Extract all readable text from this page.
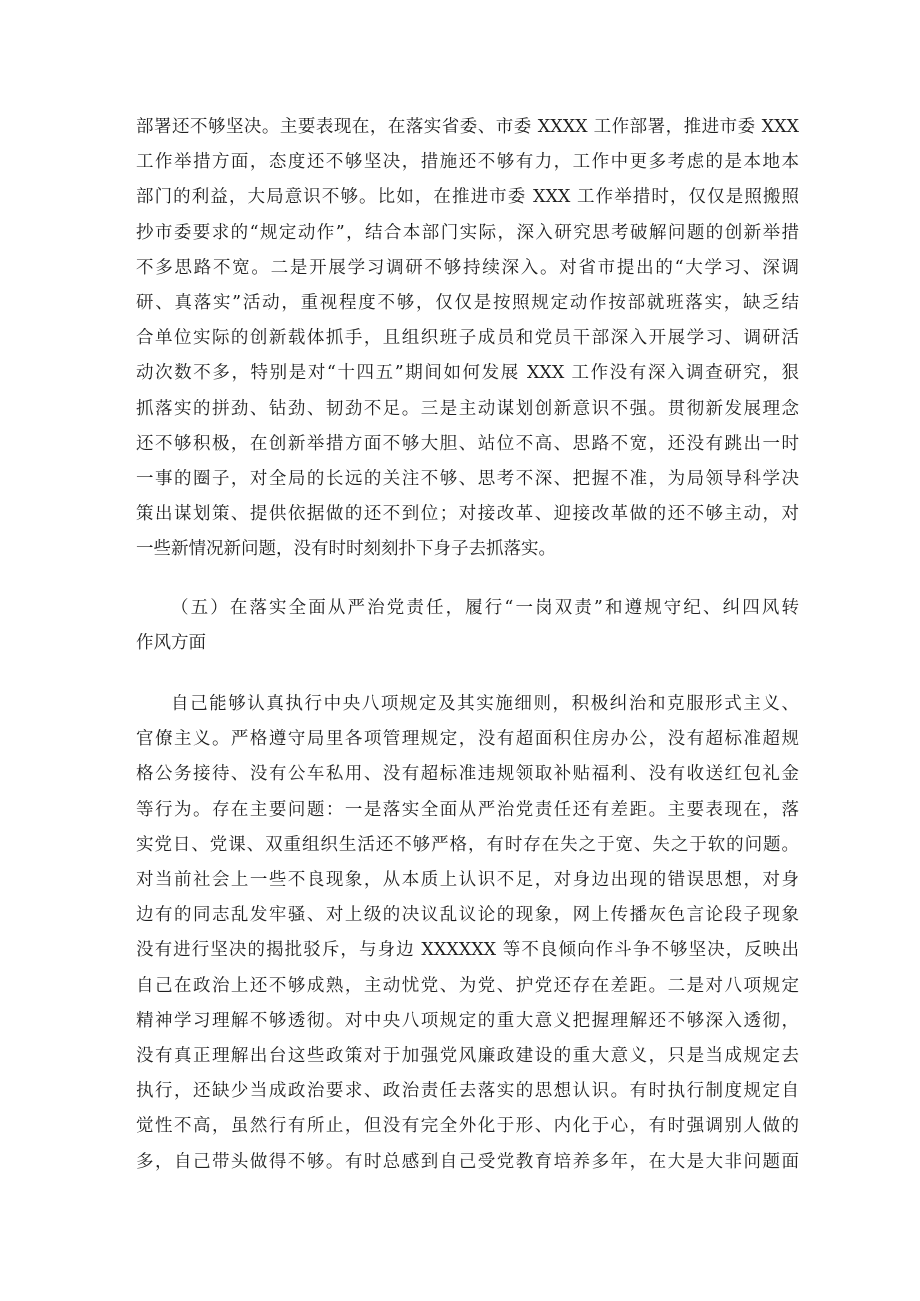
部署还不够坚决。主要表现在，在落实省委、市委 XXXX 工作部署，推进市委 XXX
工作举措方面，态度还不够坚决，措施还不够有力，工作中更多考虑的是本地本
部门的利益，大局意识不够。比如，在推进市委 XXX 工作举措时，仅仅是照搬照
抄市委要求的“规定动作”，结合本部门实际，深入研究思考破解问题的创新举措
不多思路不宽。二是开展学习调研不够持续深入。对省市提出的“大学习、深调
研、真落实”活动，重视程度不够，仅仅是按照规定动作按部就班落实，缺乏结
合单位实际的创新载体抓手，且组织班子成员和党员干部深入开展学习、调研活
动次数不多，特别是对“十四五”期间如何发展 XXX 工作没有深入调查研究，狠
抓落实的拼劲、钻劲、韧劲不足。三是主动谋划创新意识不强。贯彻新发展理念
还不够积极，在创新举措方面不够大胆、站位不高、思路不宽，还没有跳出一时
一事的圈子，对全局的长远的关注不够、思考不深、把握不准，为局领导科学决
策出谋划策、提供依据做的还不到位；对接改革、迎接改革做的还不够主动，对
一些新情况新问题，没有时时刻刻扑下身子去抓落实。
（五）在落实全面从严治党责任，履行“一岗双责”和遵规守纪、纠四风转
作风方面
自己能够认真执行中央八项规定及其实施细则，积极纠治和克服形式主义、
官僚主义。严格遵守局里各项管理规定，没有超面积住房办公，没有超标准超规
格公务接待、没有公车私用、没有超标准违规领取补贴福利、没有收送红包礼金
等行为。存在主要问题：一是落实全面从严治党责任还有差距。主要表现在，落
实党日、党课、双重组织生活还不够严格，有时存在失之于宽、失之于软的问题。
对当前社会上一些不良现象，从本质上认识不足，对身边出现的错误思想，对身
边有的同志乱发牢骚、对上级的决议乱议论的现象，网上传播灰色言论段子现象
没有进行坚决的揭批驳斥，与身边 XXXXXX 等不良倾向作斗争不够坚决，反映出
自己在政治上还不够成熟，主动忧党、为党、护党还存在差距。二是对八项规定
精神学习理解不够透彻。对中央八项规定的重大意义把握理解还不够深入透彻，
没有真正理解出台这些政策对于加强党风廉政建设的重大意义，只是当成规定去
执行，还缺少当成政治要求、政治责任去落实的思想认识。有时执行制度规定自
觉性不高，虽然行有所止，但没有完全外化于形、内化于心，有时强调别人做的
多，自己带头做得不够。有时总感到自己受党教育培养多年，在大是大非问题面
